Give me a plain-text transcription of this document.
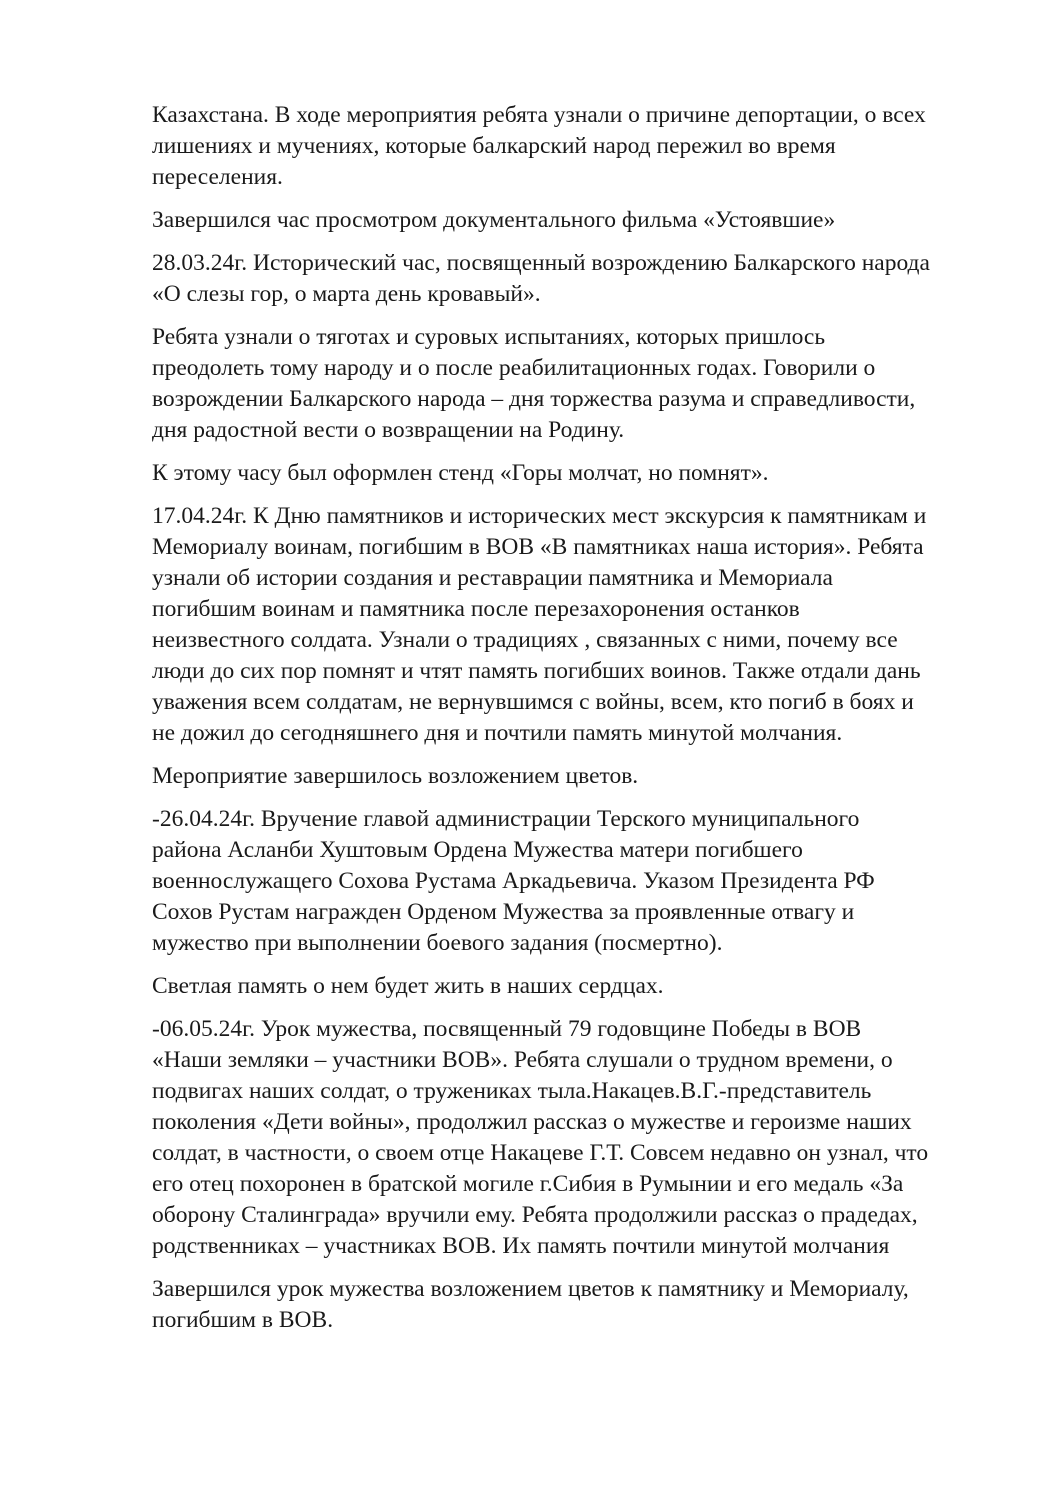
Казахстана. В ходе мероприятия ребята узнали о причине депортации, о всех
лишениях и мучениях, которые балкарский народ пережил во время
переселения.
Завершился час просмотром документального фильма «Устоявшие»
28.03.24г. Исторический час, посвященный возрождению Балкарского народа
«О слезы гор, о марта день кровавый».
Ребята узнали о тяготах и суровых испытаниях, которых пришлось
преодолеть тому народу и о после реабилитационных годах. Говорили о
возрождении Балкарского народа – дня торжества разума и справедливости,
дня радостной вести о возвращении на Родину.
К этому часу был оформлен стенд «Горы молчат, но помнят».
17.04.24г. К Дню памятников и исторических мест экскурсия к памятникам и
Мемориалу воинам, погибшим в ВОВ «В памятниках наша история». Ребята
узнали об истории создания и реставрации памятника и Мемориала
погибшим воинам и памятника после перезахоронения останков
неизвестного солдата. Узнали о традициях , связанных с ними, почему все
люди до сих пор помнят и чтят память погибших воинов. Также отдали дань
уважения всем солдатам, не вернувшимся с войны, всем, кто погиб в боях и
не дожил до сегодняшнего дня и почтили память минутой молчания.
Мероприятие завершилось возложением цветов.
-26.04.24г. Вручение главой администрации Терского муниципального
района Асланби Хуштовым Ордена Мужества матери погибшего
военнослужащего Сохова Рустама Аркадьевича. Указом Президента РФ
Сохов Рустам награжден Орденом Мужества за проявленные отвагу и
мужество при выполнении боевого задания (посмертно).
Светлая память о нем будет жить в наших сердцах.
-06.05.24г. Урок мужества, посвященный 79 годовщине Победы в ВОВ
«Наши земляки – участники ВОВ». Ребята слушали о трудном времени, о
подвигах наших солдат, о тружениках тыла.Накацев.В.Г.-представитель
поколения «Дети войны», продолжил рассказ о мужестве и героизме наших
солдат, в частности, о своем отце Накацеве Г.Т. Совсем недавно он узнал, что
его отец похоронен в братской могиле г.Сибия в Румынии и его медаль «За
оборону Сталинграда» вручили ему. Ребята продолжили рассказ о прадедах,
родственниках – участниках ВОВ. Их память почтили минутой молчания
Завершился урок мужества возложением цветов к памятнику и Мемориалу,
погибшим в ВОВ.
